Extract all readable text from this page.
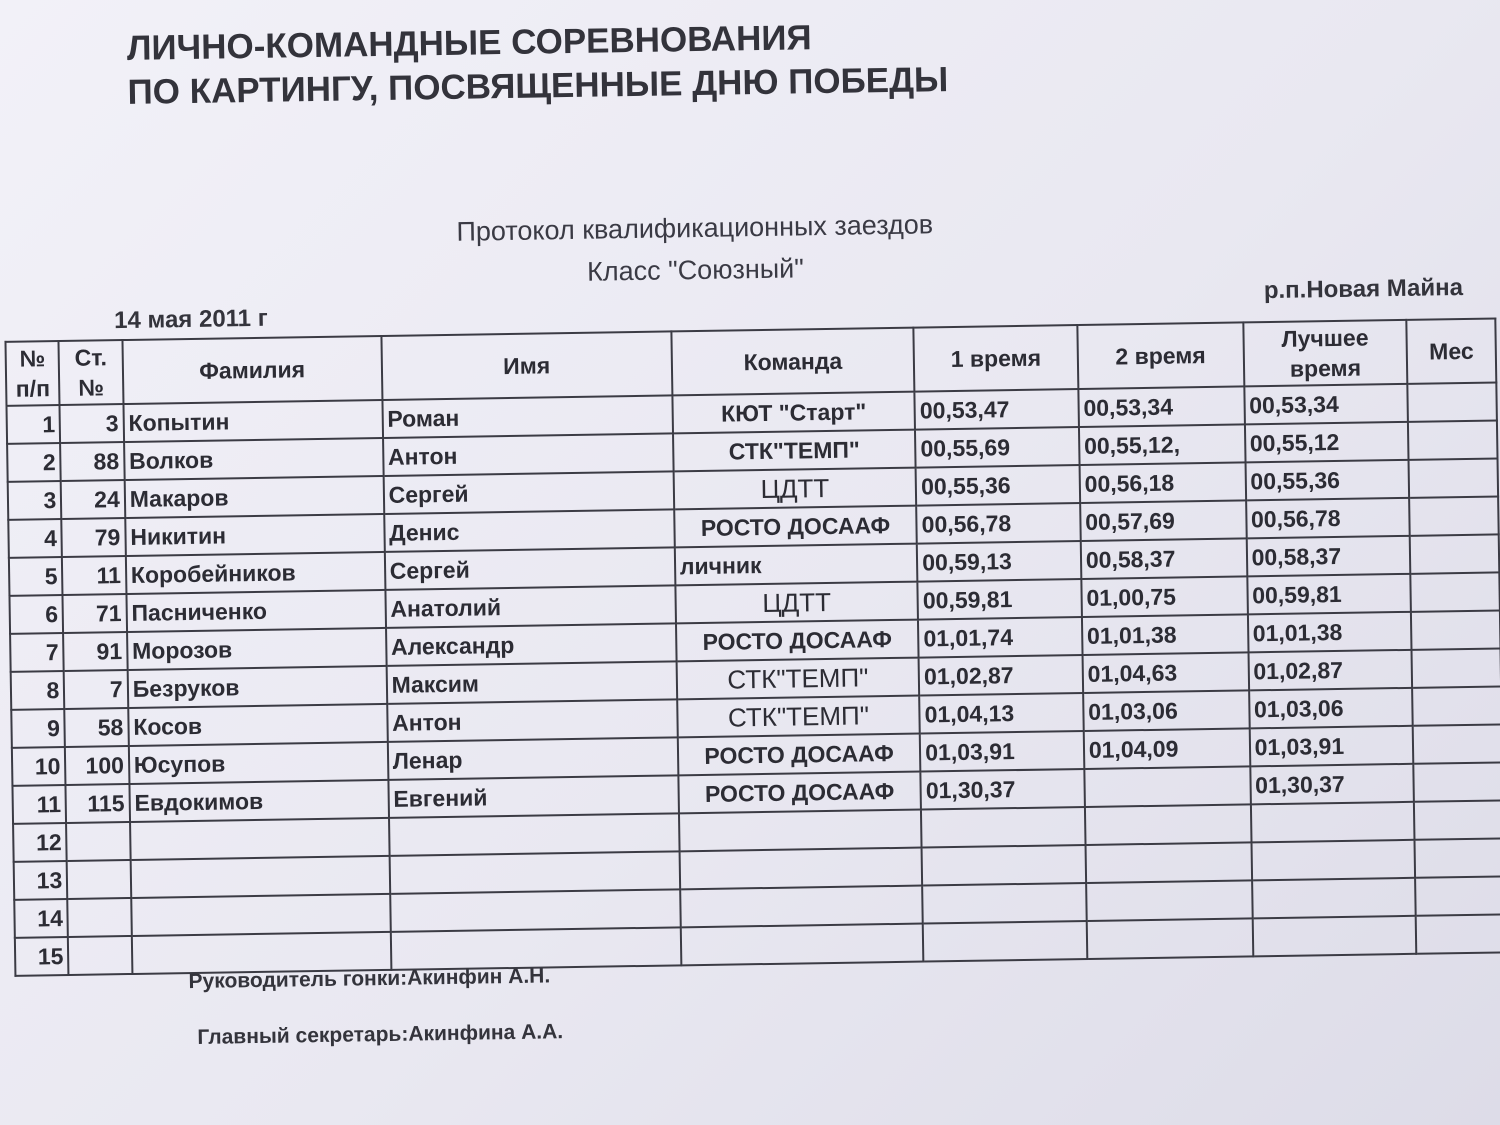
ЛИЧНО-КОМАНДНЫЕ СОРЕВНОВАНИЯ
ПО КАРТИНГУ, ПОСВЯЩЕННЫЕ ДНЮ ПОБЕДЫ
Протокол квалификационных заездов
Класс "Союзный"
14 мая 2011 г
р.п.Новая Майна
№ п/п	Ст. №	Фамилия	Имя	Команда	1 время	2 время	Лучшее время	Мес
1	3	Копытин	Роман	КЮТ "Старт"	00,53,47	00,53,34	00,53,34	
2	88	Волков	Антон	СТК"ТЕМП"	00,55,69	00,55,12,	00,55,12	
3	24	Макаров	Сергей	ЦДТТ	00,55,36	00,56,18	00,55,36	
4	79	Никитин	Денис	РОСТО ДОСААФ	00,56,78	00,57,69	00,56,78	
5	11	Коробейников	Сергей	личник	00,59,13	00,58,37	00,58,37	
6	71	Пасниченко	Анатолий	ЦДТТ	00,59,81	01,00,75	00,59,81	
7	91	Морозов	Александр	РОСТО ДОСААФ	01,01,74	01,01,38	01,01,38	
8	7	Безруков	Максим	СТК"ТЕМП"	01,02,87	01,04,63	01,02,87	
9	58	Косов	Антон	СТК"ТЕМП"	01,04,13	01,03,06	01,03,06	
10	100	Юсупов	Ленар	РОСТО ДОСААФ	01,03,91	01,04,09	01,03,91	
11	115	Евдокимов	Евгений	РОСТО ДОСААФ	01,30,37		01,30,37	
12								
13								
14								
15								
Руководитель гонки:Акинфин А.Н.
Главный секретарь:Акинфина А.А.
